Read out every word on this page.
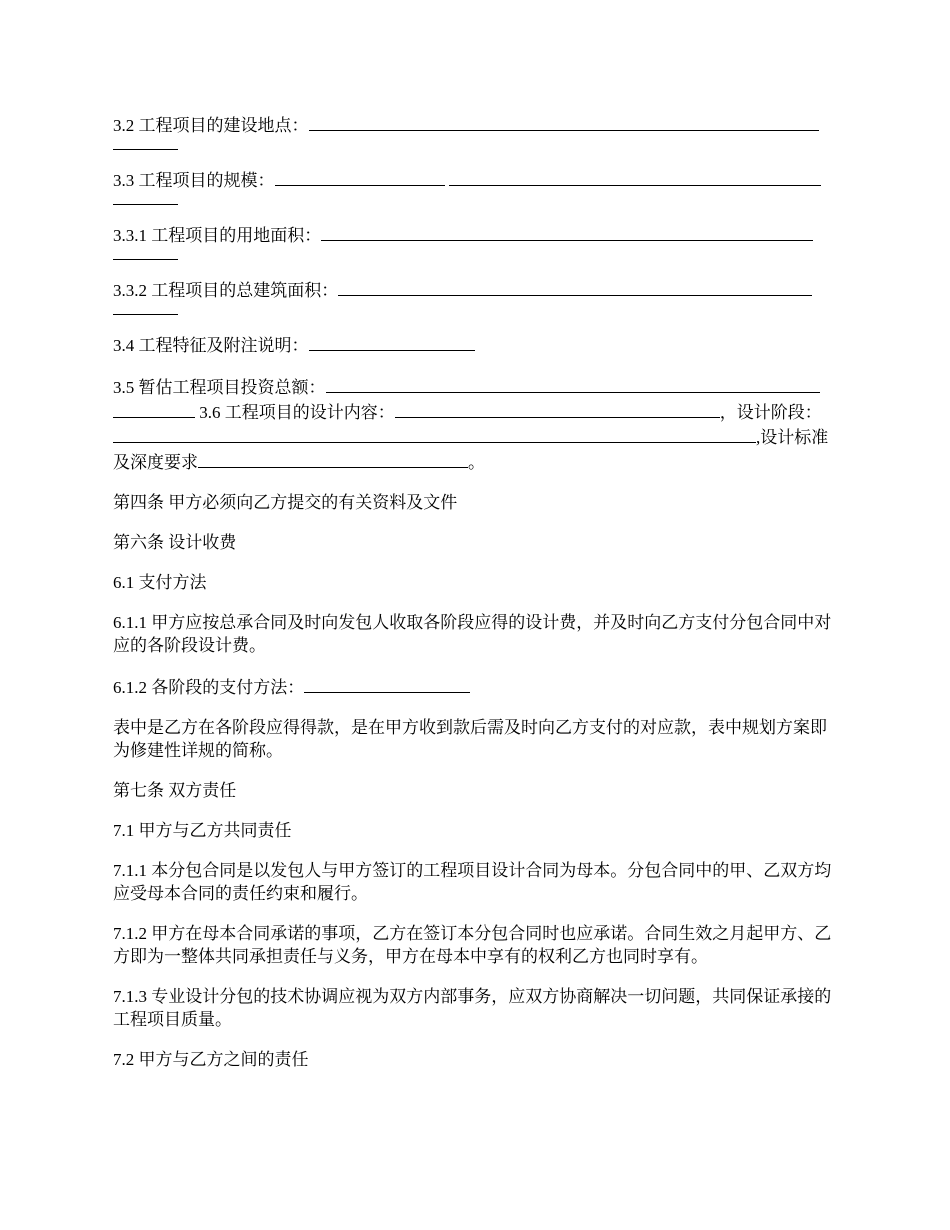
3.2 工程项目的建设地点：
3.3 工程项目的规模：
3.3.1 工程项目的用地面积：
3.3.2 工程项目的总建筑面积：
3.4 工程特征及附注说明：
3.5 暂估工程项目投资总额：
3.6 工程项目的设计内容：	，设计阶段：
,设计标准
及深度要求	。

第四条 甲方必须向乙方提交的有关资料及文件

第六条 设计收费

6.1 支付方法

6.1.1 甲方应按总承合同及时向发包人收取各阶段应得的设计费，并及时向乙方支付分包合同中对应的各阶段设计费。

6.1.2 各阶段的支付方法：

表中是乙方在各阶段应得得款，是在甲方收到款后需及时向乙方支付的对应款，表中规划方案即为修建性详规的简称。

第七条 双方责任

7.1 甲方与乙方共同责任

7.1.1 本分包合同是以发包人与甲方签订的工程项目设计合同为母本。分包合同中的甲、乙双方均应受母本合同的责任约束和履行。

7.1.2 甲方在母本合同承诺的事项，乙方在签订本分包合同时也应承诺。合同生效之月起甲方、乙方即为一整体共同承担责任与义务，甲方在母本中享有的权利乙方也同时享有。

7.1.3 专业设计分包的技术协调应视为双方内部事务，应双方协商解决一切问题，共同保证承接的工程项目质量。

7.2 甲方与乙方之间的责任
